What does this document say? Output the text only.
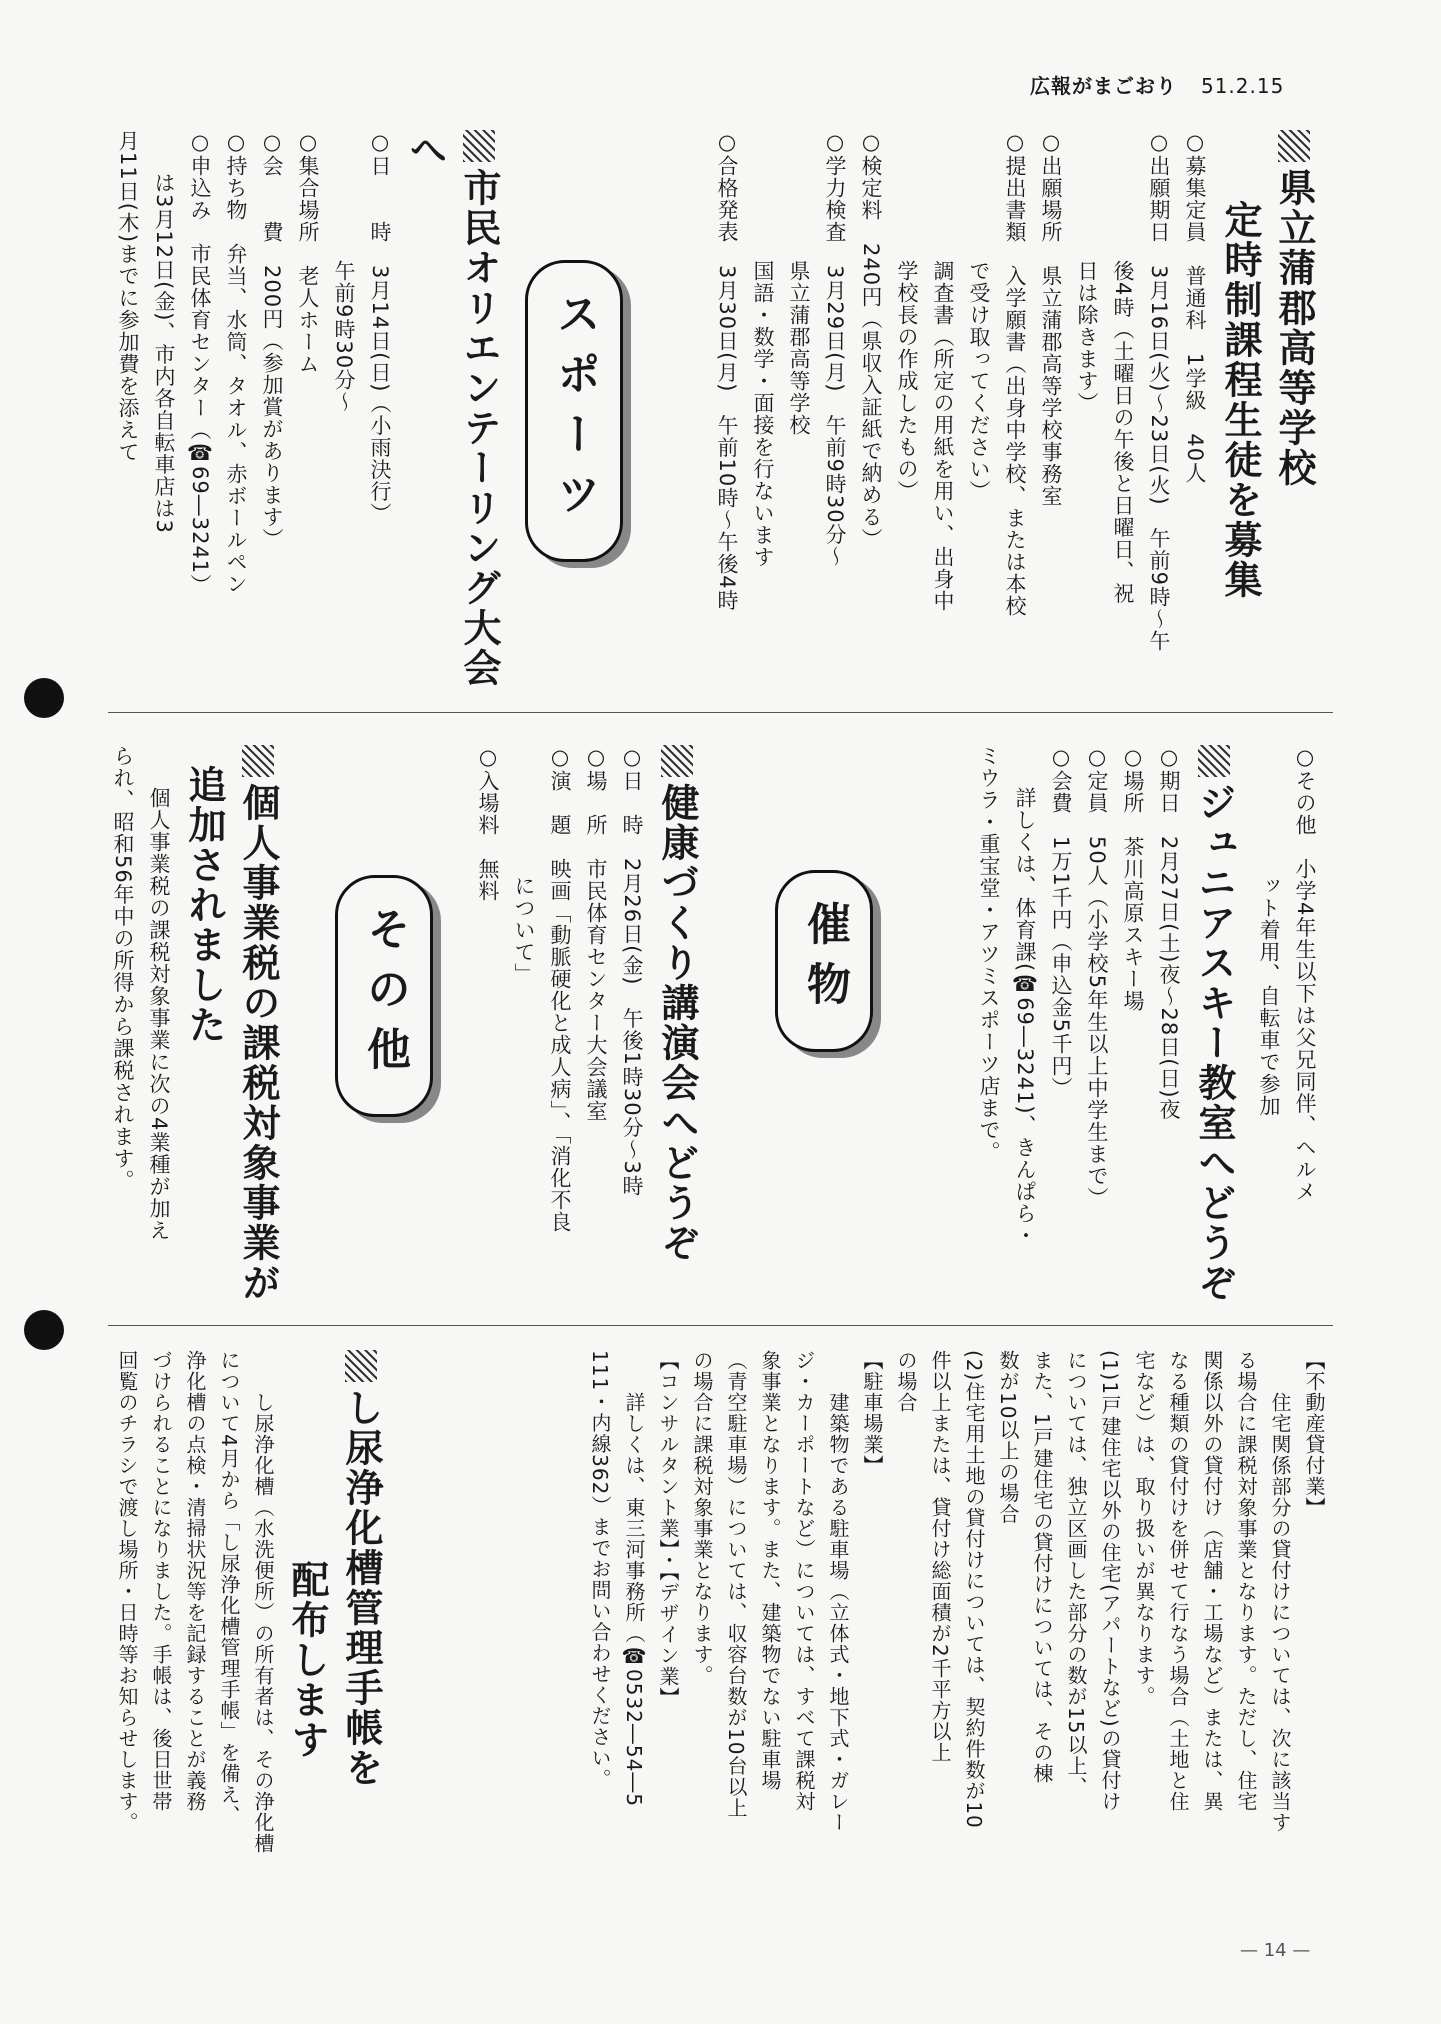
広報がまごおり 51.2.15

県立蒲郡高等学校

定時制課程生徒を募集

○募集定員　普通科　1学級　40人

○出願期日　3月16日(火)〜23日(火)　午前9時〜午

後4時（土曜日の午後と日曜日、祝

日は除きます）

○出願場所　県立蒲郡高等学校事務室

○提出書類　入学願書（出身中学校、または本校

で受け取ってください）

調査書（所定の用紙を用い、出身中

学校長の作成したもの）

○検定料　240円（県収入証紙で納める）

○学力検査　3月29日(月)　午前9時30分〜

県立蒲郡高等学校

国語・数学・面接を行ないます

○合格発表　3月30日(月)　午前10時〜午後4時

スポーツ

市民オリエンテーリング大会へ

○日　　時　3月14日(日)（小雨決行）

午前9時30分〜

○集合場所　老人ホーム

○会　　費　200円（参加賞があります）

○持ち物　弁当、水筒、タオル、赤ボールペン

○申込み　市民体育センター（☎69―3241）

は3月12日(金)、市内各自転車店は3

月11日(木)までに参加費を添えて

○その他　小学4年生以下は父兄同伴、ヘルメ

ット着用、自転車で参加

ジュニアスキー教室へどうぞ

○期日　2月27日(土)夜〜28日(日)夜

○場所　茶川高原スキー場

○定員　50人（小学校5年生以上中学生まで）

○会費　1万1千円（申込金5千円）

詳しくは、体育課(☎69―3241)、きんぱら・

ミウラ・重宝堂・アツミスポーツ店まで。

催物

健康づくり講演会へどうぞ

○日　時　2月26日(金)　午後1時30分〜3時

○場　所　市民体育センター大会議室

○演　題　映画「動脈硬化と成人病」、「消化不良

について」

○入場料　無料

その他

個人事業税の課税対象事業が

追加されました

個人事業税の課税対象事業に次の4業種が加え

られ、昭和56年中の所得から課税されます。

【不動産貸付業】

住宅関係部分の貸付けについては、次に該当す

る場合に課税対象事業となります。ただし、住宅

関係以外の貸付け（店舗・工場など）または、異

なる種類の貸付けを併せて行なう場合（土地と住

宅など）は、取り扱いが異なります。

(1)1戸建住宅以外の住宅(アパートなど)の貸付け

については、独立区画した部分の数が15以上、

また、1戸建住宅の貸付けについては、その棟

数が10以上の場合

(2)住宅用土地の貸付けについては、契約件数が10

件以上または、貸付け総面積が2千平方以上

の場合

【駐車場業】

建築物である駐車場（立体式・地下式・ガレー

ジ・カーポートなど）については、すべて課税対

象事業となります。また、建築物でない駐車場

（青空駐車場）については、収容台数が10台以上

の場合に課税対象事業となります。

【コンサルタント業】・【デザイン業】

詳しくは、東三河事務所（☎0532―54―5

111・内線362）までお問い合わせください。

し尿浄化槽管理手帳を

配布します

し尿浄化槽（水洗便所）の所有者は、その浄化槽

について4月から「し尿浄化槽管理手帳」を備え、

浄化槽の点検・清掃状況等を記録することが義務

づけられることになりました。手帳は、後日世帯

回覧のチラシで渡し場所・日時等お知らせします。

— 14 —
